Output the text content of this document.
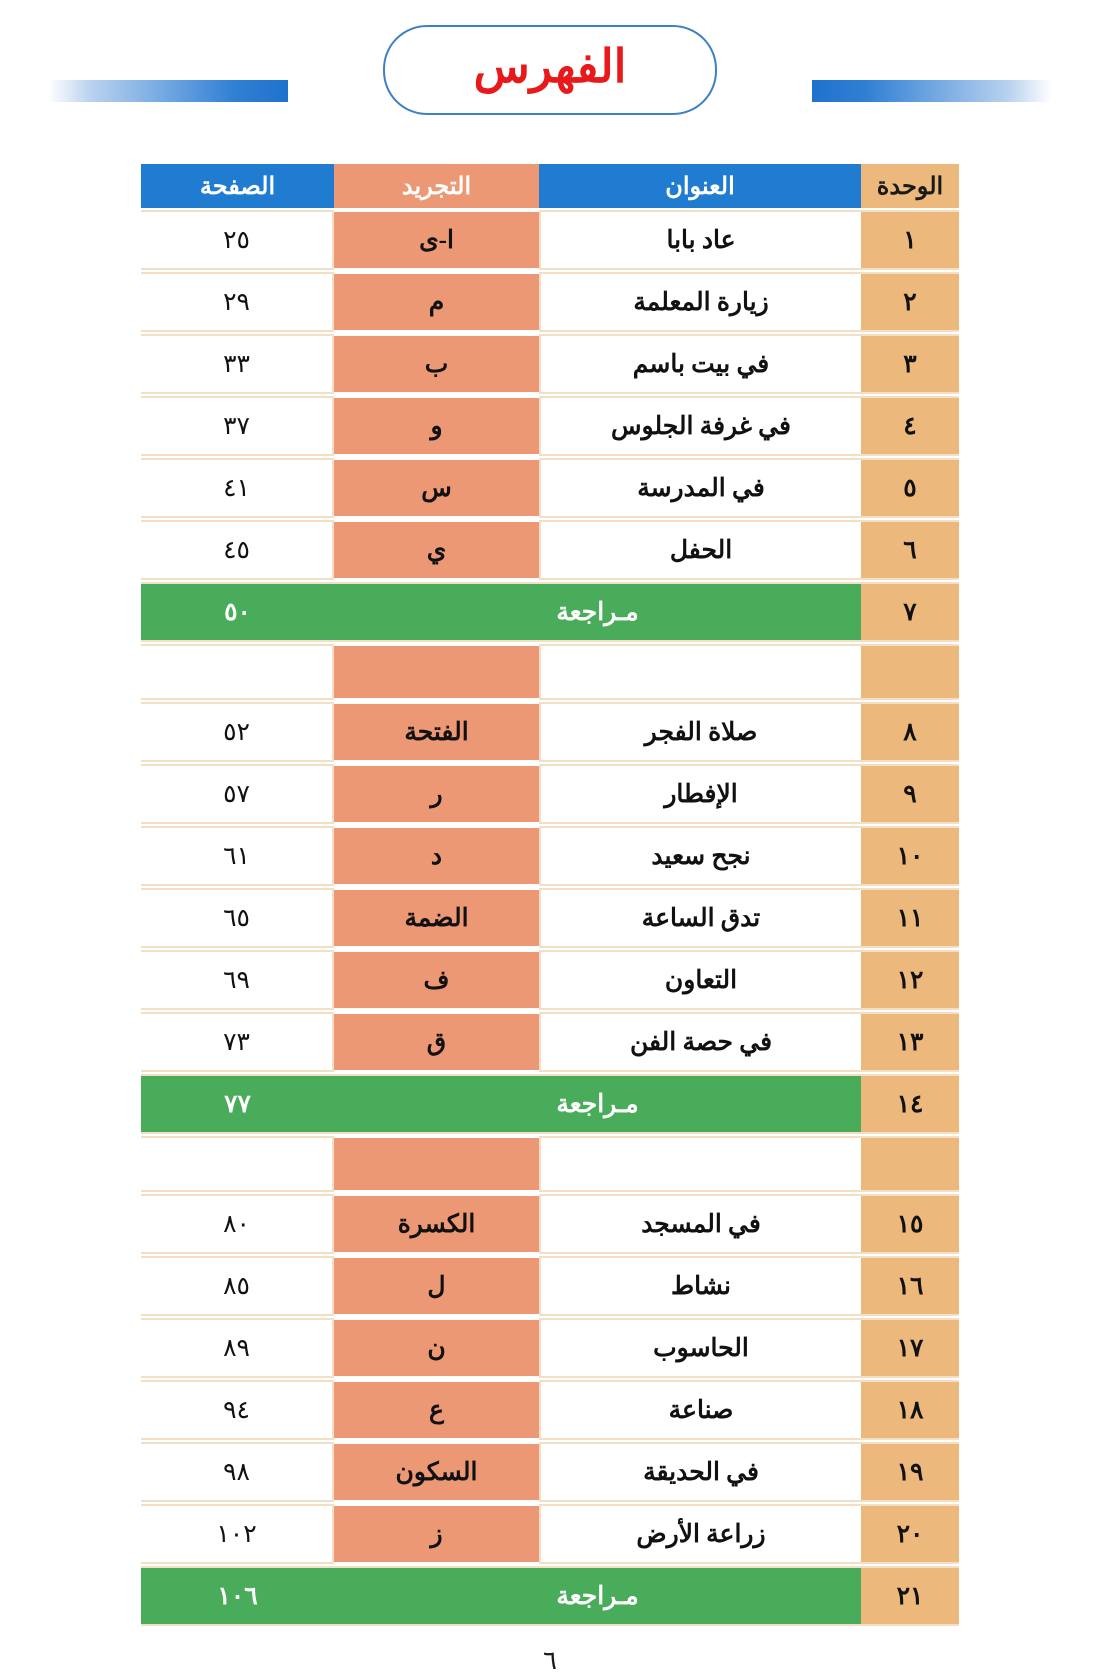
الفهرس
الوحدة	العنوان	التجريد	الصفحة
١	عاد بابا	ا-ى	٢٥
٢	زيارة المعلمة	م	٢٩
٣	في بيت باسم	ب	٣٣
٤	في غرفة الجلوس	و	٣٧
٥	في المدرسة	س	٤١
٦	الحفل	ي	٤٥
٧	مـراجعة		٥٠

٨	صلاة الفجر	الفتحة	٥٢
٩	الإفطار	ر	٥٧
١٠	نجح سعيد	د	٦١
١١	تدق الساعة	الضمة	٦٥
١٢	التعاون	ف	٦٩
١٣	في حصة الفن	ق	٧٣
١٤	مـراجعة		٧٧

١٥	في المسجد	الكسرة	٨٠
١٦	نشاط	ل	٨٥
١٧	الحاسوب	ن	٨٩
١٨	صناعة	ع	٩٤
١٩	في الحديقة	السكون	٩٨
٢٠	زراعة الأرض	ز	١٠٢
٢١	مـراجعة		١٠٦
٦
